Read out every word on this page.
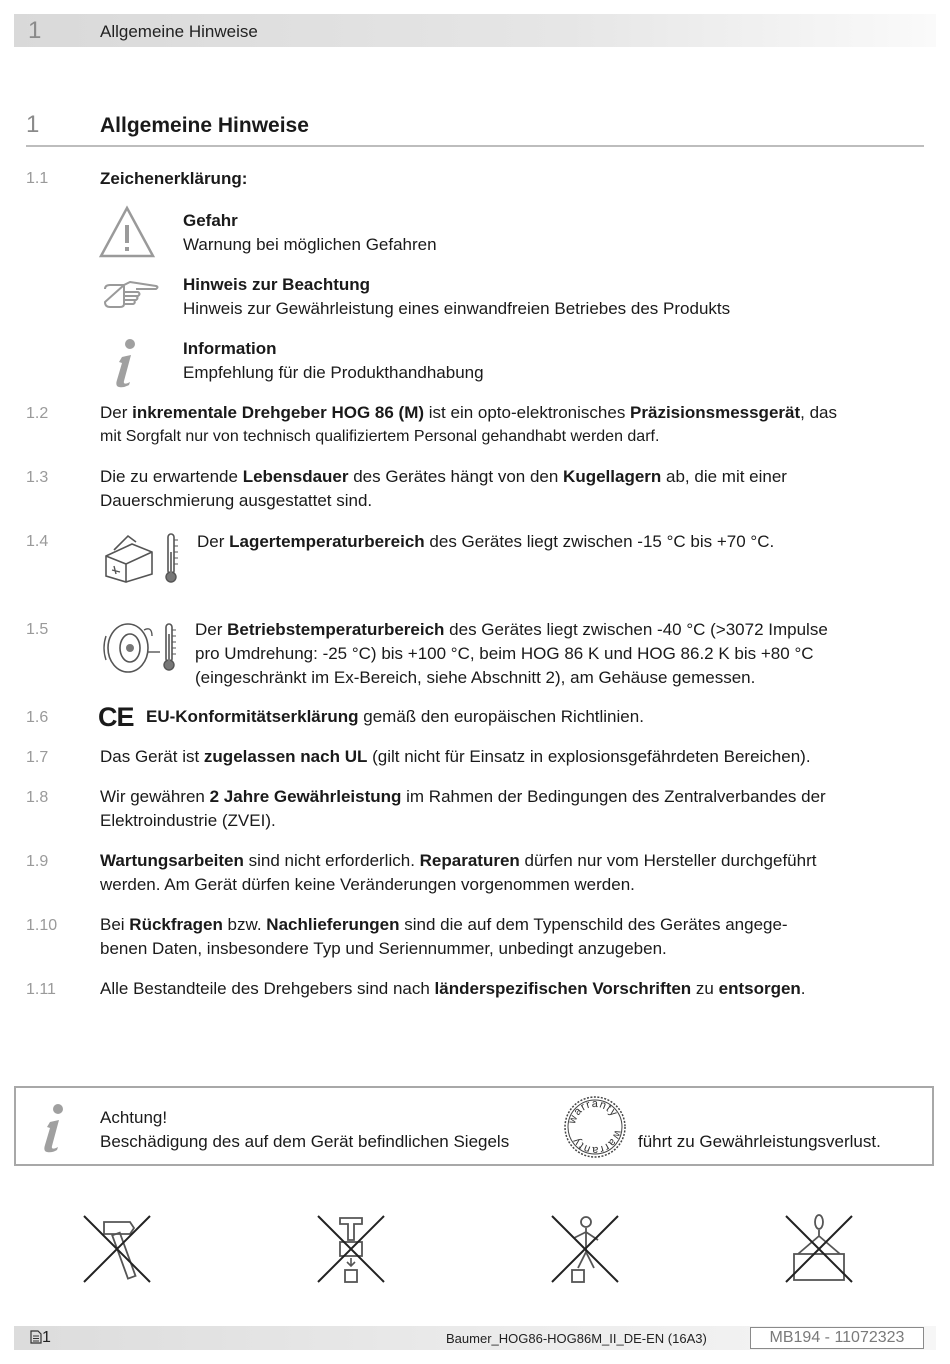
1	Allgemeine Hinweise
1	Allgemeine Hinweise
1.1	Zeichenerklärung:
Gefahr
Warnung bei möglichen Gefahren
Hinweis zur Beachtung
Hinweis zur Gewährleistung eines einwandfreien Betriebes des Produkts
Information
Empfehlung für die Produkthandhabung
1.2	Der inkrementale Drehgeber HOG 86 (M) ist ein opto-elektronisches Präzisionsmessgerät, das
mit Sorgfalt nur von technisch qualifiziertem Personal gehandhabt werden darf.
1.3	Die zu erwartende Lebensdauer des Gerätes hängt von den Kugellagern ab, die mit einer
Dauerschmierung ausgestattet sind.
1.4	Der Lagertemperaturbereich des Gerätes liegt zwischen -15 °C bis +70 °C.
1.5	Der Betriebstemperaturbereich des Gerätes liegt zwischen -40 °C (>3072 Impulse
pro Umdrehung: -25 °C) bis +100 °C, beim HOG 86 K und HOG 86.2 K bis +80 °C
(eingeschränkt im Ex-Bereich, siehe Abschnitt 2), am Gehäuse gemessen.
1.6 CE EU-Konformitätserklärung gemäß den europäischen Richtlinien.
1.7	Das Gerät ist zugelassen nach UL (gilt nicht für Einsatz in explosionsgefährdeten Bereichen).
1.8	Wir gewähren 2 Jahre Gewährleistung im Rahmen der Bedingungen des Zentralverbandes der
Elektroindustrie (ZVEI).
1.9	Wartungsarbeiten sind nicht erforderlich. Reparaturen dürfen nur vom Hersteller durchgeführt
werden. Am Gerät dürfen keine Veränderungen vorgenommen werden.
1.10	Bei Rückfragen bzw. Nachlieferungen sind die auf dem Typenschild des Gerätes angege-
benen Daten, insbesondere Typ und Seriennummer, unbedingt anzugeben.
1.11	Alle Bestandteile des Drehgebers sind nach länderspezifischen Vorschriften zu entsorgen.
Achtung!
Beschädigung des auf dem Gerät befindlichen Siegels
warranty
warranty	führt zu Gewährleistungsverlust.
1	Baumer_HOG86-HOG86M_II_DE-EN (16A3)	MB194 - 11072323
